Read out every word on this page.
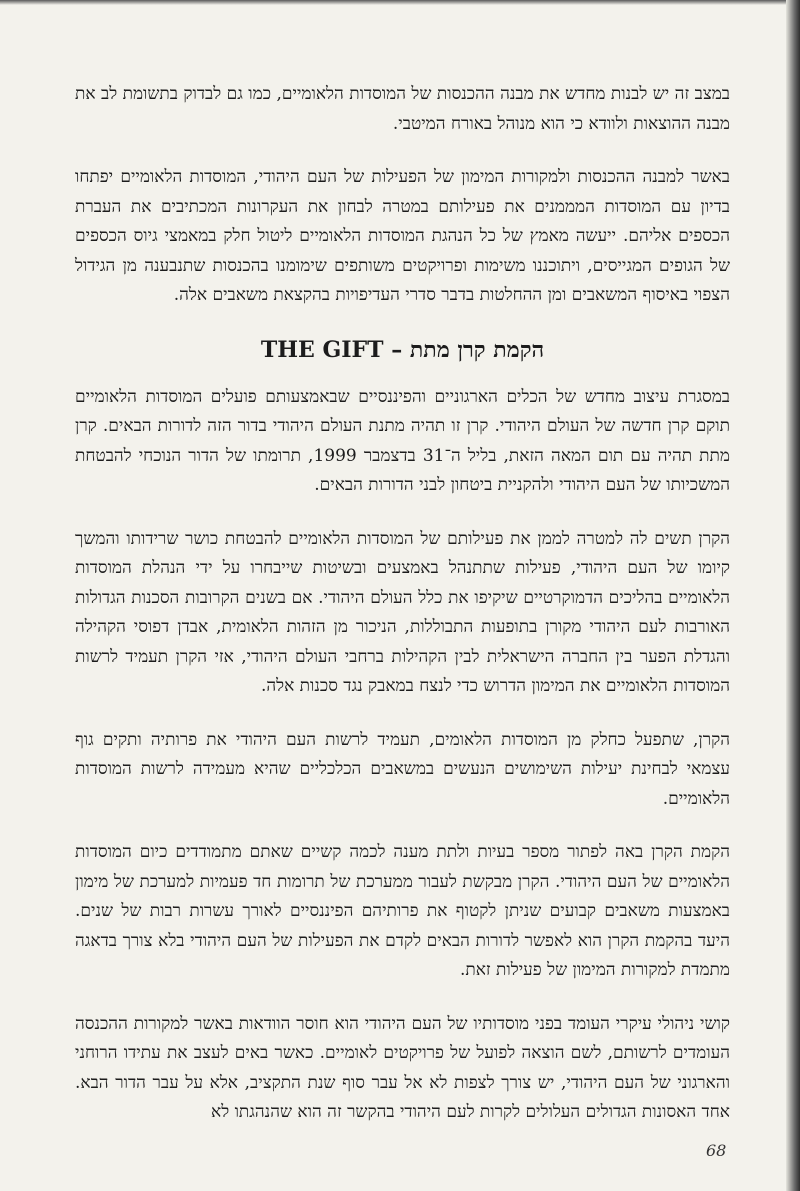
במצב זה יש לבנות מחדש את מבנה ההכנסות של המוסדות הלאומיים, כמו גם לבדוק בתשומת לב את מבנה ההוצאות ולוודא כי הוא מנוהל באורח המיטבי.

באשר למבנה ההכנסות ולמקורות המימון של הפעילות של העם היהודי, המוסדות הלאומיים יפתחו בדיון עם המוסדות המממנים את פעילותם במטרה לבחון את העקרונות המכתיבים את העברת הכספים אליהם. ייעשה מאמץ של כל הנהגת המוסדות הלאומיים ליטול חלק במאמצי גיוס הכספים של הגופים המגייסים, ויתוכננו משימות ופרויקטים משותפים שימומנו בהכנסות שתנבענה מן הגידול הצפוי באיסוף המשאבים ומן ההחלטות בדבר סדרי העדיפויות בהקצאת משאבים אלה.

הקמת קרן מתת – THE GIFT

במסגרת עיצוב מחדש של הכלים הארגוניים והפיננסיים שבאמצעותם פועלים המוסדות הלאומיים תוקם קרן חדשה של העולם היהודי. קרן זו תהיה מתנת העולם היהודי בדור הזה לדורות הבאים. קרן מתת תהיה עם תום המאה הזאת, בליל ה־31 בדצמבר 1999, תרומתו של הדור הנוכחי להבטחת המשכיותו של העם היהודי ולהקניית ביטחון לבני הדורות הבאים.

הקרן תשים לה למטרה לממן את פעילותם של המוסדות הלאומיים להבטחת כושר שרידותו והמשך קיומו של העם היהודי, פעילות שתתנהל באמצעים ובשיטות שייבחרו על ידי הנהלת המוסדות הלאומיים בהליכים הדמוקרטיים שיקיפו את כלל העולם היהודי. אם בשנים הקרובות הסכנות הגדולות האורבות לעם היהודי מקורן בתופעות התבוללות, הניכור מן הזהות הלאומית, אבדן דפוסי הקהילה והגדלת הפער בין החברה הישראלית לבין הקהילות ברחבי העולם היהודי, אזי הקרן תעמיד לרשות המוסדות הלאומיים את המימון הדרוש כדי לנצח במאבק נגד סכנות אלה.

הקרן, שתפעל כחלק מן המוסדות הלאומים, תעמיד לרשות העם היהודי את פרותיה ותקים גוף עצמאי לבחינת יעילות השימושים הנעשים במשאבים הכלכליים שהיא מעמידה לרשות המוסדות הלאומיים.

הקמת הקרן באה לפתור מספר בעיות ולתת מענה לכמה קשיים שאתם מתמודדים כיום המוסדות הלאומיים של העם היהודי. הקרן מבקשת לעבור ממערכת של תרומות חד פעמיות למערכת של מימון באמצעות משאבים קבועים שניתן לקטוף את פרותיהם הפיננסיים לאורך עשרות רבות של שנים. היעד בהקמת הקרן הוא לאפשר לדורות הבאים לקדם את הפעילות של העם היהודי בלא צורך בדאגה מתמדת למקורות המימון של פעילות זאת.

קושי ניהולי עיקרי העומד בפני מוסדותיו של העם היהודי הוא חוסר הוודאות באשר למקורות ההכנסה העומדים לרשותם, לשם הוצאה לפועל של פרויקטים לאומיים. כאשר באים לעצב את עתידו הרוחני והארגוני של העם היהודי, יש צורך לצפות לא אל עבר סוף שנת התקציב, אלא על עבר הדור הבא. אחד האסונות הגדולים העלולים לקרות לעם היהודי בהקשר זה הוא שהנהגתו לא

68
